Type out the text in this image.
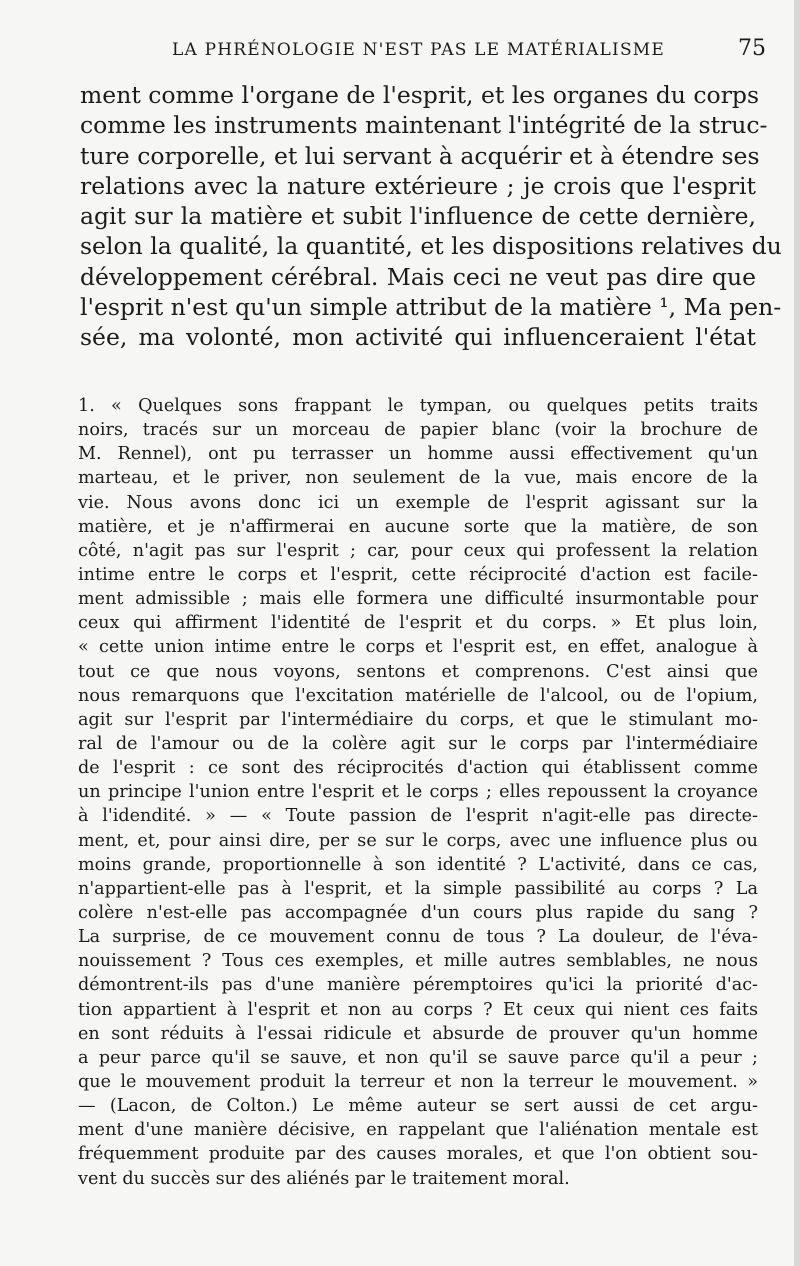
LA PHRÉNOLOGIE N'EST PAS LE MATÉRIALISME	75
ment comme l'organe de l'esprit, et les organes du corps
comme les instruments maintenant l'intégrité de la struc-
ture corporelle, et lui servant à acquérir et à étendre ses
relations avec la nature extérieure ; je crois que l'esprit
agit sur la matière et subit l'influence de cette dernière,
selon la qualité, la quantité, et les dispositions relatives du
développement cérébral. Mais ceci ne veut pas dire que
l'esprit n'est qu'un simple attribut de la matière ¹, Ma pen-
sée, ma volonté, mon activité qui influenceraient l'état
1. « Quelques sons frappant le tympan, ou quelques petits traits
noirs, tracés sur un morceau de papier blanc (voir la brochure de
M. Rennel), ont pu terrasser un homme aussi effectivement qu'un
marteau, et le priver, non seulement de la vue, mais encore de la
vie. Nous avons donc ici un exemple de l'esprit agissant sur la
matière, et je n'affirmerai en aucune sorte que la matière, de son
côté, n'agit pas sur l'esprit ; car, pour ceux qui professent la relation
intime entre le corps et l'esprit, cette réciprocité d'action est facile-
ment admissible ; mais elle formera une difficulté insurmontable pour
ceux qui affirment l'identité de l'esprit et du corps. » Et plus loin,
« cette union intime entre le corps et l'esprit est, en effet, analogue à
tout ce que nous voyons, sentons et comprenons. C'est ainsi que
nous remarquons que l'excitation matérielle de l'alcool, ou de l'opium,
agit sur l'esprit par l'intermédiaire du corps, et que le stimulant mo-
ral de l'amour ou de la colère agit sur le corps par l'intermédiaire
de l'esprit : ce sont des réciprocités d'action qui établissent comme
un principe l'union entre l'esprit et le corps ; elles repoussent la croyance
à l'idendité. » — « Toute passion de l'esprit n'agit-elle pas directe-
ment, et, pour ainsi dire, per se sur le corps, avec une influence plus ou
moins grande, proportionnelle à son identité ? L'activité, dans ce cas,
n'appartient-elle pas à l'esprit, et la simple passibilité au corps ? La
colère n'est-elle pas accompagnée d'un cours plus rapide du sang ?
La surprise, de ce mouvement connu de tous ? La douleur, de l'éva-
nouissement ? Tous ces exemples, et mille autres semblables, ne nous
démontrent-ils pas d'une manière péremptoires qu'ici la priorité d'ac-
tion appartient à l'esprit et non au corps ? Et ceux qui nient ces faits
en sont réduits à l'essai ridicule et absurde de prouver qu'un homme
a peur parce qu'il se sauve, et non qu'il se sauve parce qu'il a peur ;
que le mouvement produit la terreur et non la terreur le mouvement. »
— (Lacon, de Colton.) Le même auteur se sert aussi de cet argu-
ment d'une manière décisive, en rappelant que l'aliénation mentale est
fréquemment produite par des causes morales, et que l'on obtient sou-
vent du succès sur des aliénés par le traitement moral.
